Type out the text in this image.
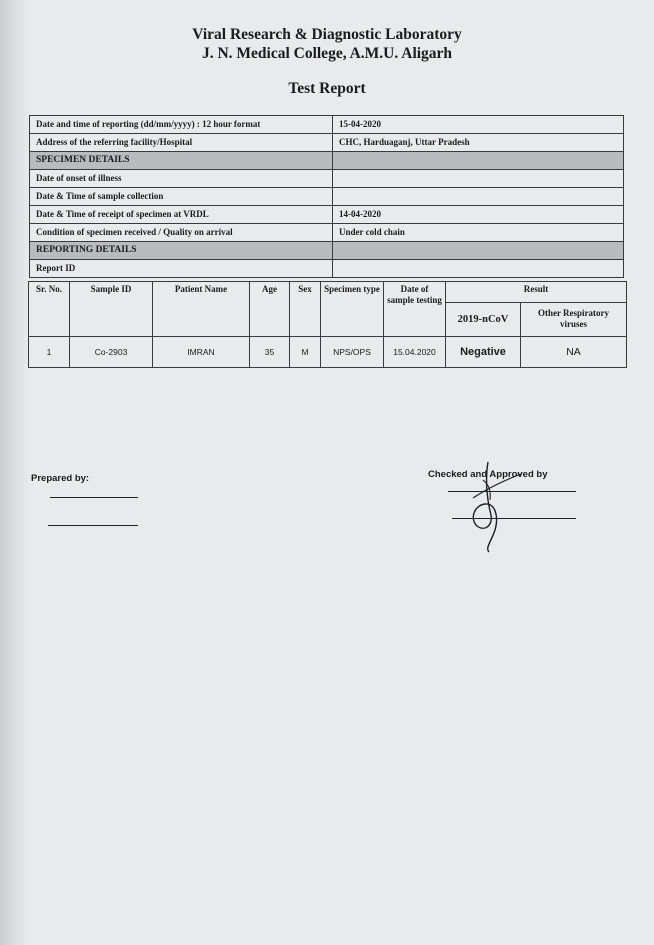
Viral Research & Diagnostic Laboratory
J. N. Medical College, A.M.U. Aligarh
Test Report
Date and time of reporting (dd/mm/yyyy) : 12 hour format	15-04-2020
Address of the referring facility/Hospital	CHC, Harduaganj, Uttar Pradesh
SPECIMEN DETAILS	
Date of onset of illness	
Date & Time of sample collection	
Date & Time of receipt of specimen at VRDL	14-04-2020
Condition of specimen received / Quality on arrival	Under cold chain
REPORTING DETAILS	
Report ID	
Sr. No.	Sample ID	Patient Name	Age	Sex	Specimen type	Date of sample testing	Result	
							2019-nCoV	Other Respiratory viruses
1	Co-2903	IMRAN	35	M	NPS/OPS	15.04.2020	Negative	NA
Prepared by:	Checked and Approved by
